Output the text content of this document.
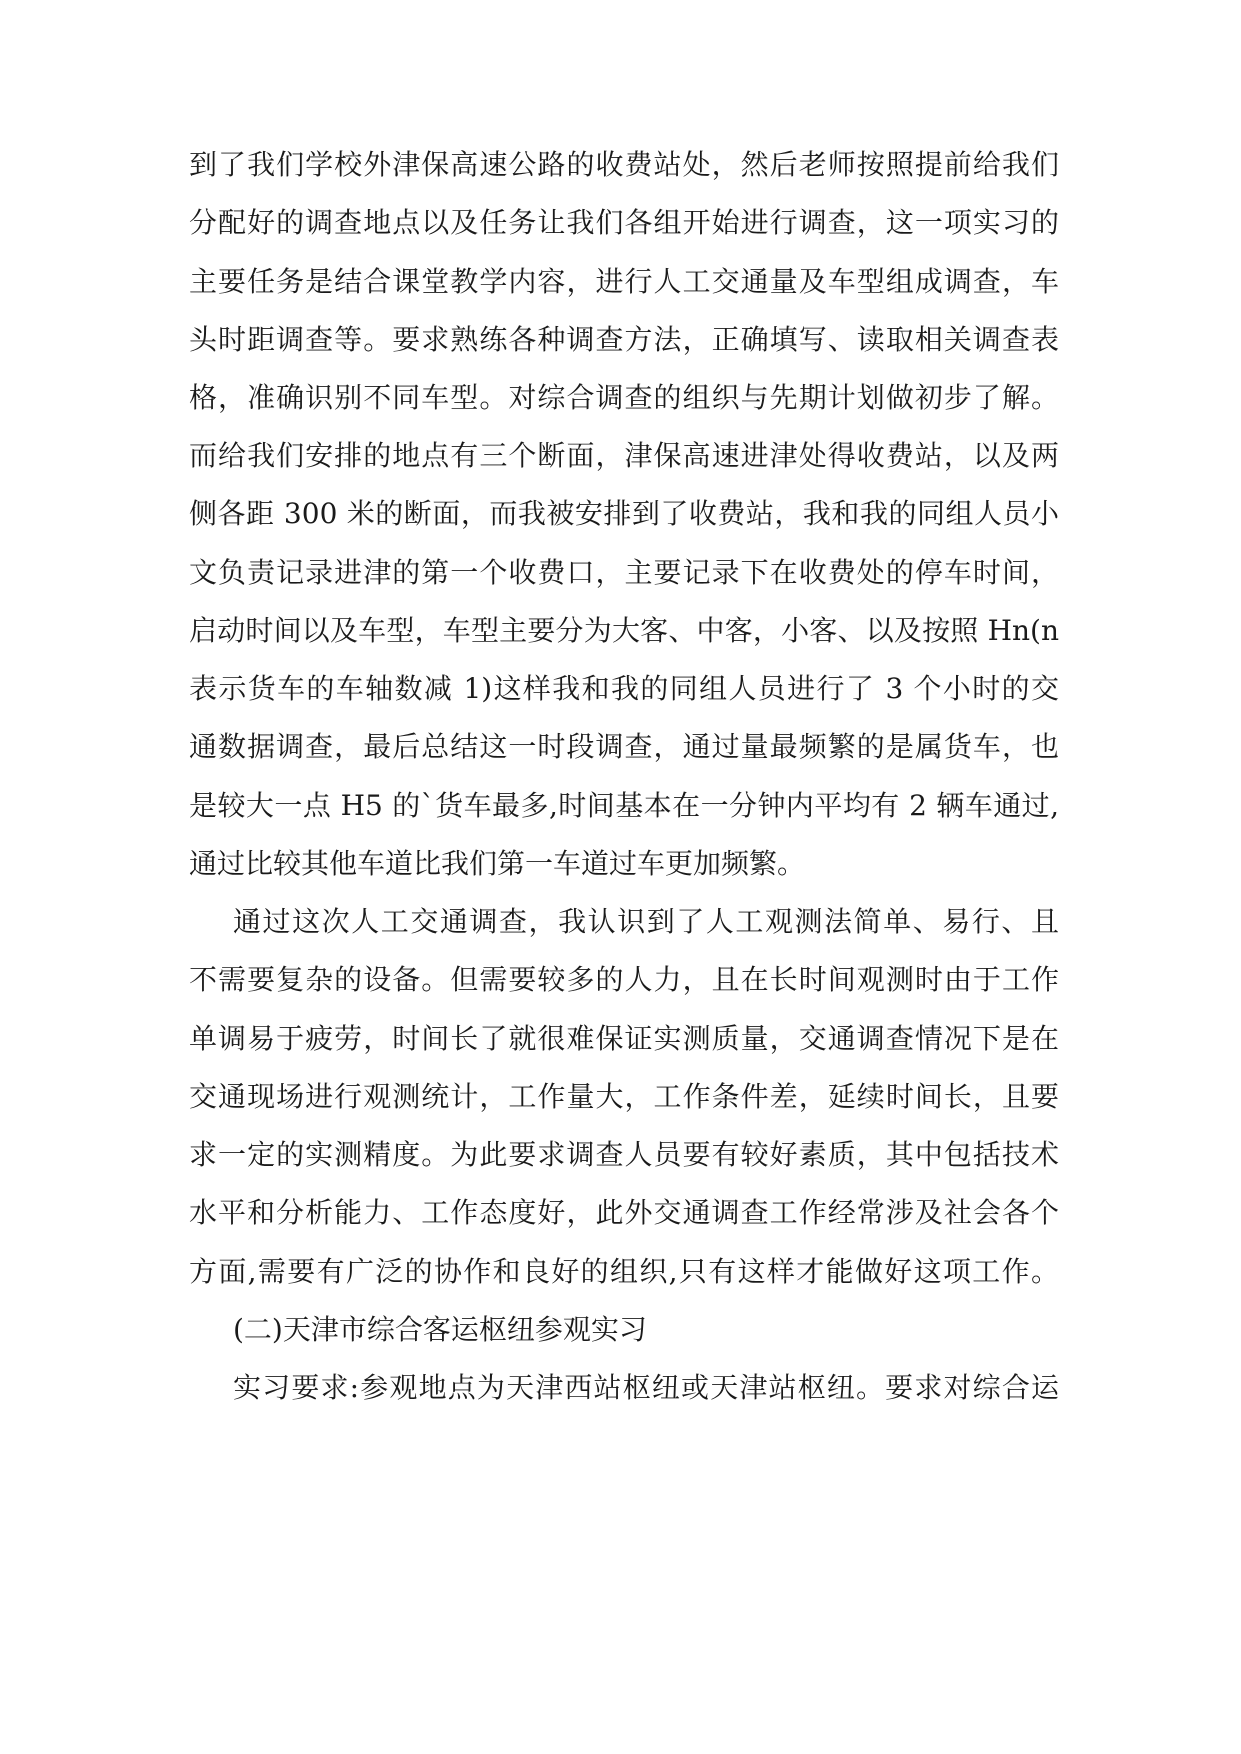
到了我们学校外津保高速公路的收费站处，然后老师按照提前给我们
分配好的调查地点以及任务让我们各组开始进行调查，这一项实习的
主要任务是结合课堂教学内容，进行人工交通量及车型组成调查，车
头时距调查等。要求熟练各种调查方法，正确填写、读取相关调查表
格，准确识别不同车型。对综合调查的组织与先期计划做初步了解。
而给我们安排的地点有三个断面，津保高速进津处得收费站，以及两
侧各距 300 米的断面，而我被安排到了收费站，我和我的同组人员小
文负责记录进津的第一个收费口，主要记录下在收费处的停车时间，
启动时间以及车型，车型主要分为大客、中客，小客、以及按照 Hn(n
表示货车的车轴数减 1)这样我和我的同组人员进行了 3 个小时的交
通数据调查，最后总结这一时段调查，通过量最频繁的是属货车，也
是较大一点 H5 的`货车最多,时间基本在一分钟内平均有 2 辆车通过,
通过比较其他车道比我们第一车道过车更加频繁。
通过这次人工交通调查，我认识到了人工观测法简单、易行、且
不需要复杂的设备。但需要较多的人力，且在长时间观测时由于工作
单调易于疲劳，时间长了就很难保证实测质量，交通调查情况下是在
交通现场进行观测统计，工作量大，工作条件差，延续时间长，且要
求一定的实测精度。为此要求调查人员要有较好素质，其中包括技术
水平和分析能力、工作态度好，此外交通调查工作经常涉及社会各个
方面,需要有广泛的协作和良好的组织,只有这样才能做好这项工作。
(二)天津市综合客运枢纽参观实习
实习要求:参观地点为天津西站枢纽或天津站枢纽。要求对综合运
